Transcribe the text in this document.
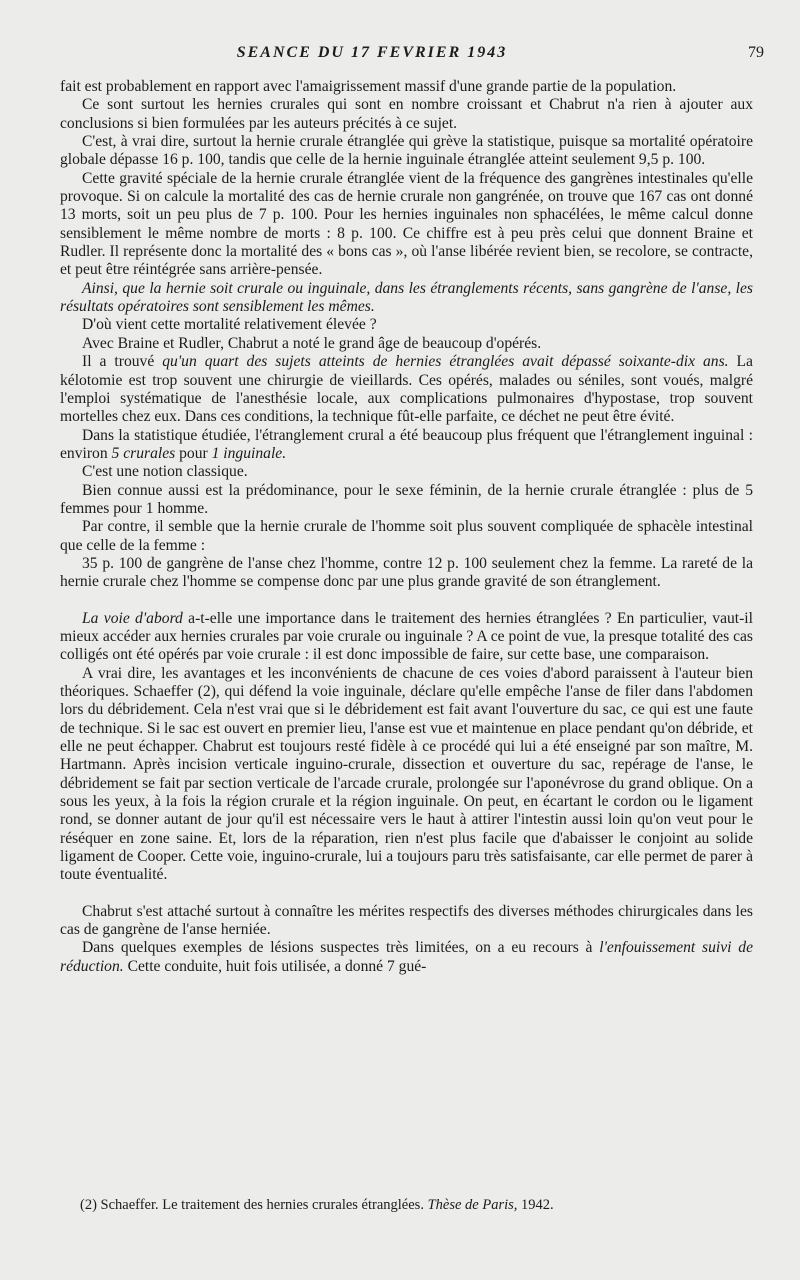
SEANCE DU 17 FEVRIER 1943	79

fait est probablement en rapport avec l'amaigrissement massif d'une grande partie de la population.

Ce sont surtout les hernies crurales qui sont en nombre croissant et Chabrut n'a rien à ajouter aux conclusions si bien formulées par les auteurs précités à ce sujet.

C'est, à vrai dire, surtout la hernie crurale étranglée qui grève la statistique, puisque sa mortalité opératoire globale dépasse 16 p. 100, tandis que celle de la hernie inguinale étranglée atteint seulement 9,5 p. 100.

Cette gravité spéciale de la hernie crurale étranglée vient de la fréquence des gangrènes intestinales qu'elle provoque. Si on calcule la mortalité des cas de hernie crurale non gangrénée, on trouve que 167 cas ont donné 13 morts, soit un peu plus de 7 p. 100. Pour les hernies inguinales non sphacélées, le même calcul donne sensiblement le même nombre de morts : 8 p. 100. Ce chiffre est à peu près celui que donnent Braine et Rudler. Il représente donc la mortalité des « bons cas », où l'anse libérée revient bien, se recolore, se contracte, et peut être réintégrée sans arrière-pensée.

Ainsi, que la hernie soit crurale ou inguinale, dans les étranglements récents, sans gangrène de l'anse, les résultats opératoires sont sensiblement les mêmes.

D'où vient cette mortalité relativement élevée ?

Avec Braine et Rudler, Chabrut a noté le grand âge de beaucoup d'opérés.

Il a trouvé qu'un quart des sujets atteints de hernies étranglées avait dépassé soixante-dix ans. La kélotomie est trop souvent une chirurgie de vieillards. Ces opérés, malades ou séniles, sont voués, malgré l'emploi systématique de l'anesthésie locale, aux complications pulmonaires d'hypostase, trop souvent mortelles chez eux. Dans ces conditions, la technique fût-elle parfaite, ce déchet ne peut être évité.

Dans la statistique étudiée, l'étranglement crural a été beaucoup plus fréquent que l'étranglement inguinal : environ 5 crurales pour 1 inguinale.

C'est une notion classique.

Bien connue aussi est la prédominance, pour le sexe féminin, de la hernie crurale étranglée : plus de 5 femmes pour 1 homme.

Par contre, il semble que la hernie crurale de l'homme soit plus souvent compliquée de sphacèle intestinal que celle de la femme :

35 p. 100 de gangrène de l'anse chez l'homme, contre 12 p. 100 seulement chez la femme. La rareté de la hernie crurale chez l'homme se compense donc par une plus grande gravité de son étranglement.

La voie d'abord a-t-elle une importance dans le traitement des hernies étranglées ? En particulier, vaut-il mieux accéder aux hernies crurales par voie crurale ou inguinale ? A ce point de vue, la presque totalité des cas colligés ont été opérés par voie crurale : il est donc impossible de faire, sur cette base, une comparaison.

A vrai dire, les avantages et les inconvénients de chacune de ces voies d'abord paraissent à l'auteur bien théoriques. Schaeffer (2), qui défend la voie inguinale, déclare qu'elle empêche l'anse de filer dans l'abdomen lors du débridement. Cela n'est vrai que si le débridement est fait avant l'ouverture du sac, ce qui est une faute de technique. Si le sac est ouvert en premier lieu, l'anse est vue et maintenue en place pendant qu'on débride, et elle ne peut échapper. Chabrut est toujours resté fidèle à ce procédé qui lui a été enseigné par son maître, M. Hartmann. Après incision verticale inguino-crurale, dissection et ouverture du sac, repérage de l'anse, le débridement se fait par section verticale de l'arcade crurale, prolongée sur l'aponévrose du grand oblique. On a sous les yeux, à la fois la région crurale et la région inguinale. On peut, en écartant le cordon ou le ligament rond, se donner autant de jour qu'il est nécessaire vers le haut à attirer l'intestin aussi loin qu'on veut pour le réséquer en zone saine. Et, lors de la réparation, rien n'est plus facile que d'abaisser le conjoint au solide ligament de Cooper. Cette voie, inguino-crurale, lui a toujours paru très satisfaisante, car elle permet de parer à toute éventualité.

Chabrut s'est attaché surtout à connaître les mérites respectifs des diverses méthodes chirurgicales dans les cas de gangrène de l'anse herniée.

Dans quelques exemples de lésions suspectes très limitées, on a eu recours à l'enfouissement suivi de réduction. Cette conduite, huit fois utilisée, a donné 7 gué-

(2) Schaeffer. Le traitement des hernies crurales étranglées. Thèse de Paris, 1942.
